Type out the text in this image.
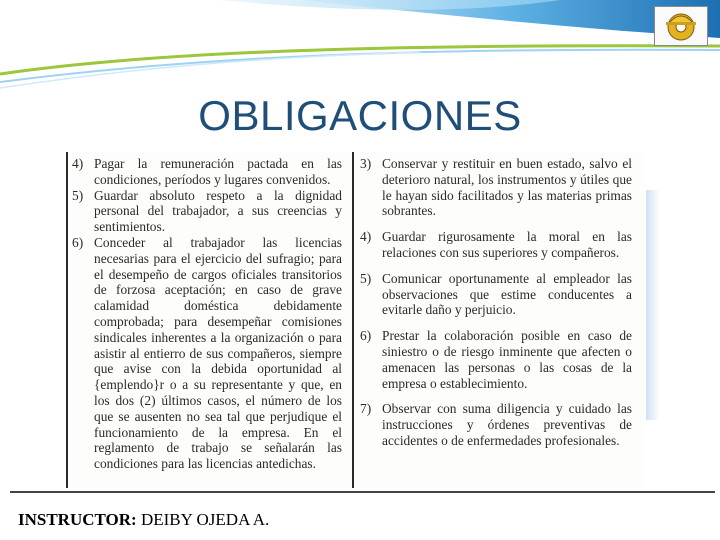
OBLIGACIONES
4) Pagar la remuneración pactada en las condiciones, períodos y lugares convenidos.
5) Guardar absoluto respeto a la dignidad personal del trabajador, a sus creencias y sentimientos.
6) Conceder al trabajador las licencias necesarias para el ejercicio del sufragio; para el desempeño de cargos oficiales transitorios de forzosa aceptación; en caso de grave calamidad doméstica debidamente comprobada; para desempeñar comisiones sindicales inherentes a la organización o para asistir al entierro de sus compañeros, siempre que avise con la debida oportunidad al {emplendo}r o a su representante y que, en los dos (2) últimos casos, el número de los que se ausenten no sea tal que perjudique el funcionamiento de la empresa. En el reglamento de trabajo se señalarán las condiciones para las licencias antedichas.
3) Conservar y restituir en buen estado, salvo el deterioro natural, los instrumentos y útiles que le hayan sido facilitados y las materias primas sobrantes.
4) Guardar rigurosamente la moral en las relaciones con sus superiores y compañeros.
5) Comunicar oportunamente al empleador las observaciones que estime conducentes a evitarle daño y perjuicio.
6) Prestar la colaboración posible en caso de siniestro o de riesgo inminente que afecten o amenacen las personas o las cosas de la empresa o establecimiento.
7) Observar con suma diligencia y cuidado las instrucciones y órdenes preventivas de accidentes o de enfermedades profesionales.
INSTRUCTOR: DEIBY OJEDA A.
